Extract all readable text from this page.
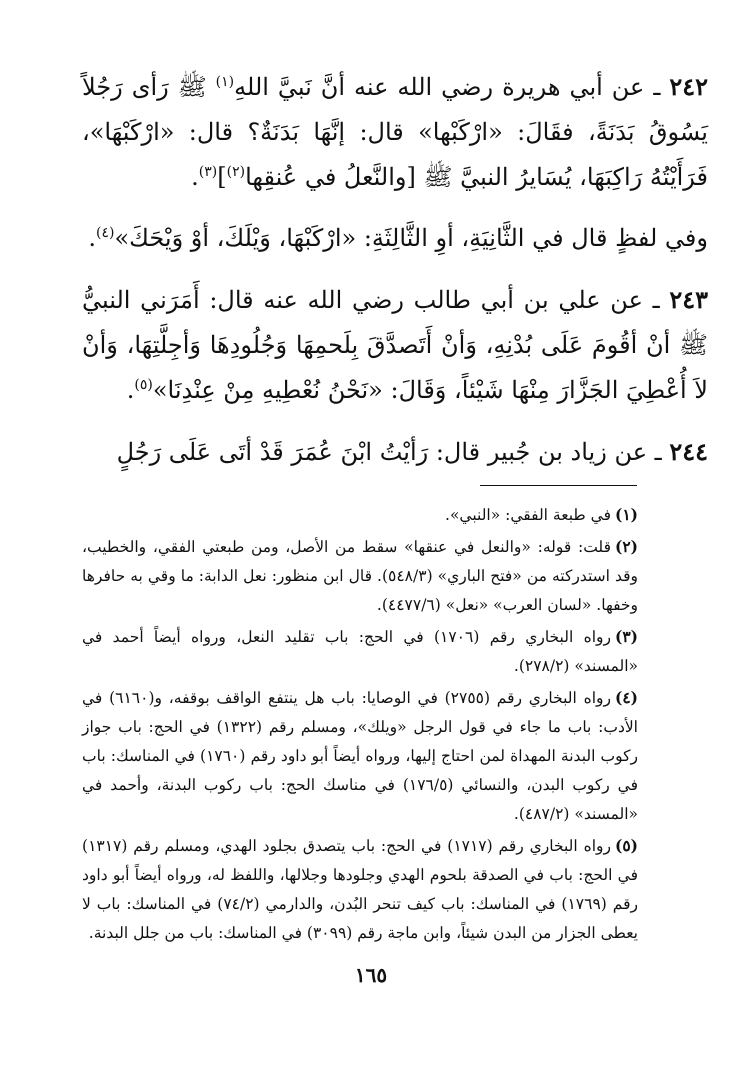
٢٤٢ ـ عن أبي هريرة رضي الله عنه أنَّ نَبيَّ اللهِ$^{(١)}$ ﷺ رَأى رَجُلاً يَسُوقُ بَدَنَةً، فقَالَ: «ارْكَبْها» قال: إنَّهَا بَدَنَةٌ؟ قال: «ارْكَبْهَا»، فَرَأَيْتُهُ رَاكِبَهَا، يُسَايرُ النبيَّ ﷺ [والنَّعلُ في عُنقِها$^{(٢)}$]$^{(٣)}$.

وفي لفظٍ قال في الثَّانِيَةِ، أوِ الثَّالِثَةِ: «ارْكَبْهَا، وَيْلَكَ، أوْ وَيْحَكَ»$^{(٤)}$.

٢٤٣ ـ عن علي بن أبي طالب رضي الله عنه قال: أَمَرَني النبيُّ ﷺ أنْ أقُومَ عَلَى بُدْنِهِ، وَأنْ أَتَصدَّقَ بِلَحمِهَا وَجُلُودِهَا وَأجِلَّتِهَا، وَأنْ لاَ أُعْطِيَ الجَزَّارَ مِنْهَا شَيْئاً، وَقَالَ: «نَحْنُ نُعْطِيهِ مِنْ عِنْدِنَا»$^{(٥)}$.

٢٤٤ ـ عن زياد بن جُبير قال: رَأيْتُ ابْنَ عُمَرَ قَدْ أتَى عَلَى رَجُلٍ

(١)في طبعة الفقي: «النبي».

(٢)قلت: قوله: «والنعل في عنقها» سقط من الأصل، ومن طبعتي الفقي، والخطيب، وقد استدركته من «فتح الباري» (٥٤٨/٣). قال ابن منظور: نعل الدابة: ما وقي به حافرها وخفها. «لسان العرب» «نعل» (٤٤٧٧/٦).

(٣)رواه البخاري رقم (١٧٠٦) في الحج: باب تقليد النعل، ورواه أيضاً أحمد في «المسند» (٢٧٨/٢).

(٤)رواه البخاري رقم (٢٧٥٥) في الوصايا: باب هل ينتفع الواقف بوقفه، و(٦١٦٠) في الأدب: باب ما جاء في قول الرجل «ويلك»، ومسلم رقم (١٣٢٢) في الحج: باب جواز ركوب البدنة المهداة لمن احتاج إليها، ورواه أيضاً أبو داود رقم (١٧٦٠) في المناسك: باب في ركوب البدن، والنسائي (١٧٦/٥) في مناسك الحج: باب ركوب البدنة، وأحمد في «المسند» (٤٨٧/٢).

(٥)رواه البخاري رقم (١٧١٧) في الحج: باب يتصدق بجلود الهدي، ومسلم رقم (١٣١٧) في الحج: باب في الصدقة بلحوم الهدي وجلودها وجلالها، واللفظ له، ورواه أيضاً أبو داود رقم (١٧٦٩) في المناسك: باب كيف تنحر البُدن، والدارمي (٧٤/٢) في المناسك: باب لا يعطى الجزار من البدن شيئاً، وابن ماجة رقم (٣٠٩٩) في المناسك: باب من جلل البدنة.

١٦٥
